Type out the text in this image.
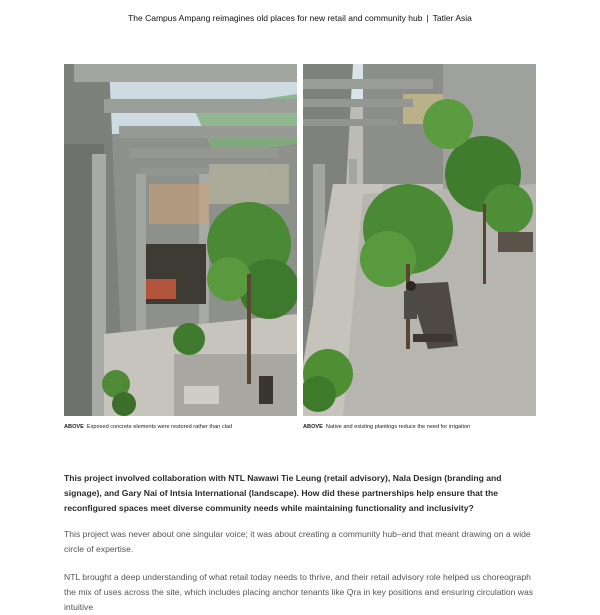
The Campus Ampang reimagines old places for new retail and community hub | Tatler Asia
ABOVE Exposed concrete elements were restored rather than clad	ABOVE Native and existing plantings reduce the need for irrigation
This project involved collaboration with NTL Nawawi Tie Leung (retail advisory), Nala Design (branding and signage), and Gary Nai of Intsia International (landscape). How did these partnerships help ensure that the reconfigured spaces meet diverse community needs while maintaining functionality and inclusivity?
This project was never about one singular voice; it was about creating a community hub–and that meant drawing on a wide circle of expertise.
NTL brought a deep understanding of what retail today needs to thrive, and their retail advisory role helped us choreograph the mix of uses across the site, which includes placing anchor tenants like Qra in key positions and ensuring circulation was intuitive
